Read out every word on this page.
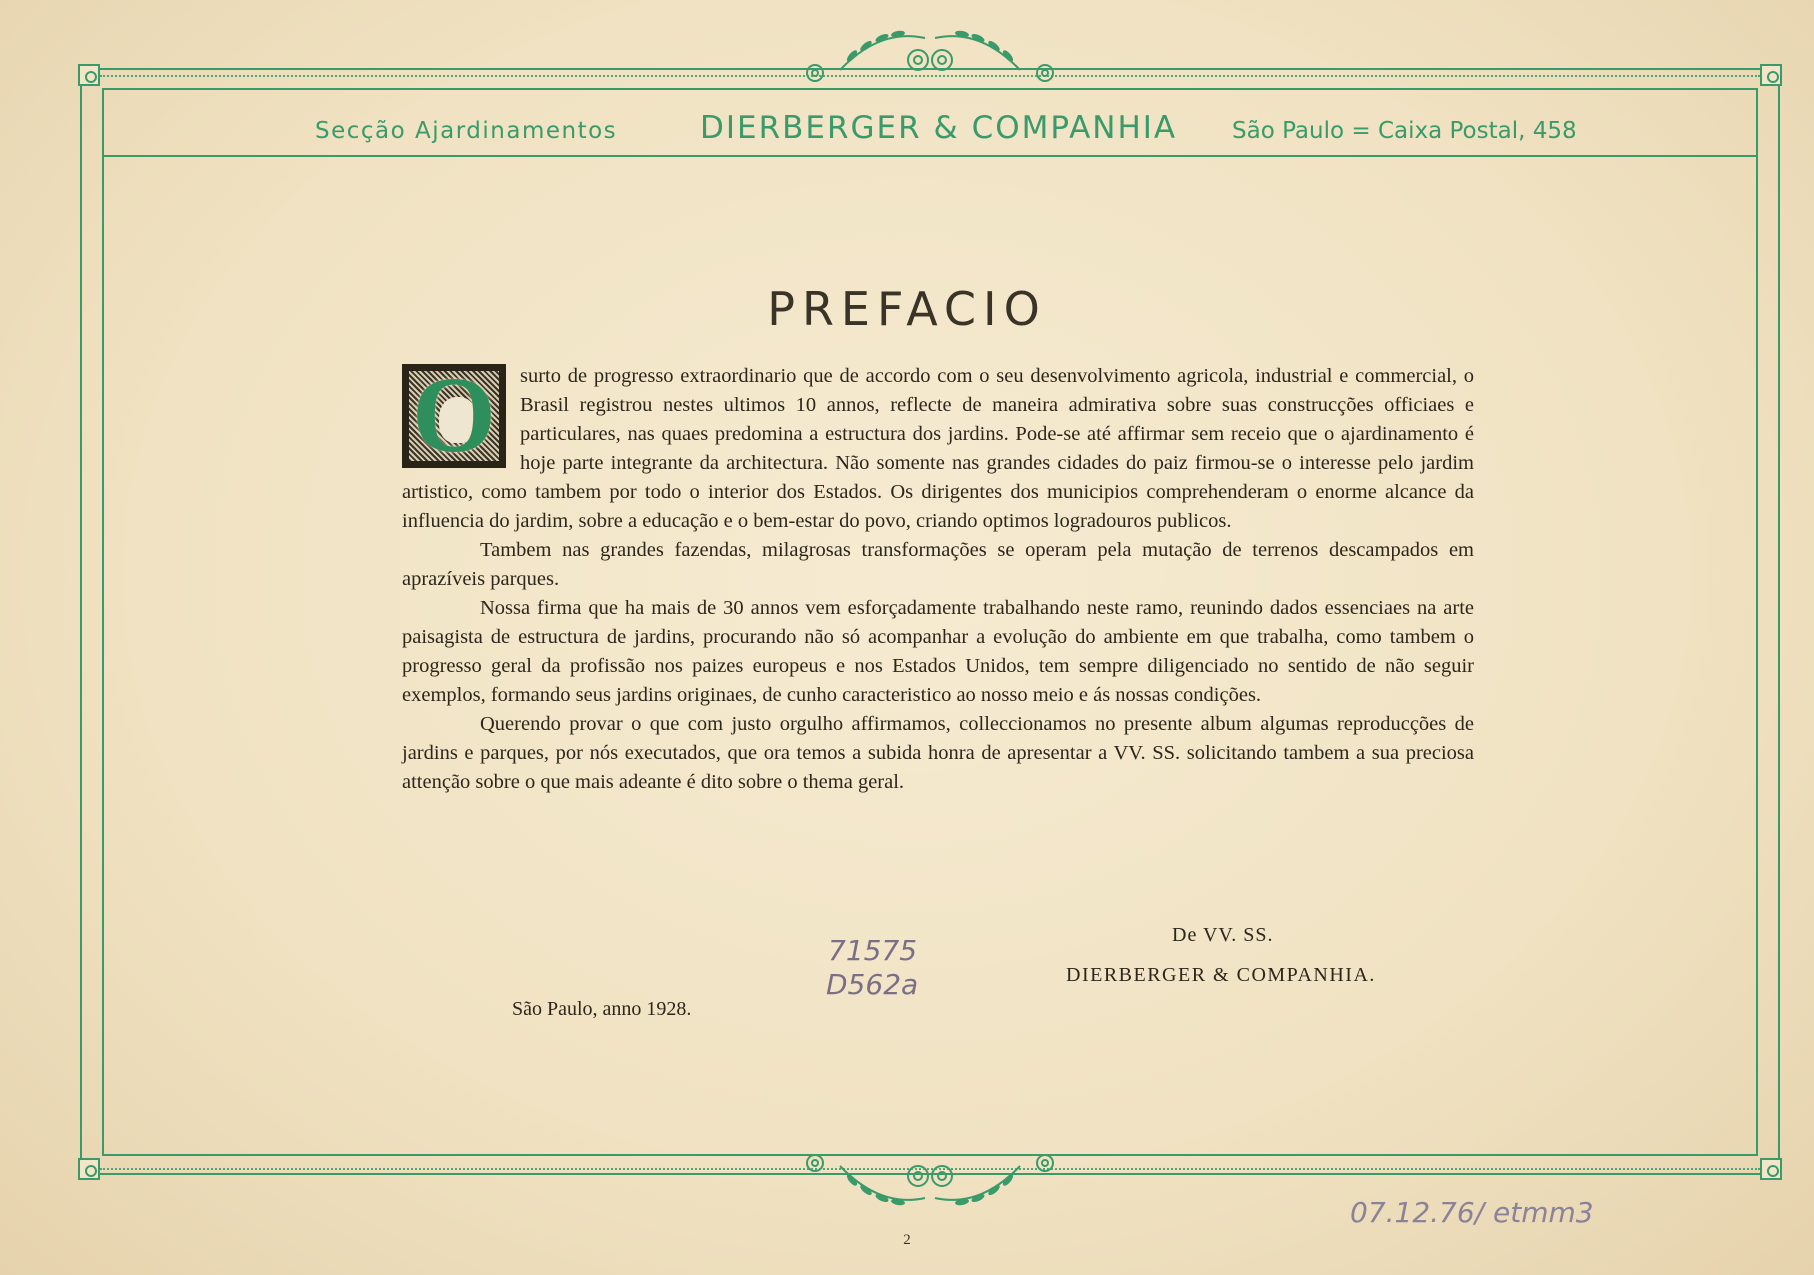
Secção Ajardinamentos	DIERBERGER & COMPANHIA São Paulo = Caixa Postal, 458
PREFACIO

O	surto de progresso extraordinario que de accordo com o seu desenvolvimento agricola, industrial e commercial, o Brasil registrou nestes ultimos 10 annos, reflecte de maneira admirativa sobre suas construcções officiaes e particulares, nas quaes predomina a estructura dos jardins. Pode-se até affirmar sem receio que o ajardinamento é hoje parte integrante da architectura. Não somente nas grandes cidades do paiz firmou-se o interesse pelo jardim artistico, como tambem por todo o interior dos Estados. Os dirigentes dos municipios comprehenderam o enorme alcance da influencia do jardim, sobre a educação e o bem-estar do povo, criando optimos logradouros publicos.

Tambem nas grandes fazendas, milagrosas transformações se operam pela mutação de terrenos descampados em aprazíveis parques.

Nossa firma que ha mais de 30 annos vem esforçadamente trabalhando neste ramo, reunindo dados essenciaes na arte paisagista de estructura de jardins, procurando não só acompanhar a evolução do ambiente em que trabalha, como tambem o progresso geral da profissão nos paizes europeus e nos Estados Unidos, tem sempre diligenciado no sentido de não seguir exemplos, formando seus jardins originaes, de cunho caracteristico ao nosso meio e ás nossas condições.

Querendo provar o que com justo orgulho affirmamos, colleccionamos no presente album algumas reproducções de jardins e parques, por nós executados, que ora temos a subida honra de apresentar a VV. SS. solicitando tambem a sua preciosa attenção sobre o que mais adeante é dito sobre o thema geral.

De VV. SS.
DIERBERGER & COMPANHIA.
São Paulo, anno 1928.
71575
D562a
07.12.76/ etmm3
2
